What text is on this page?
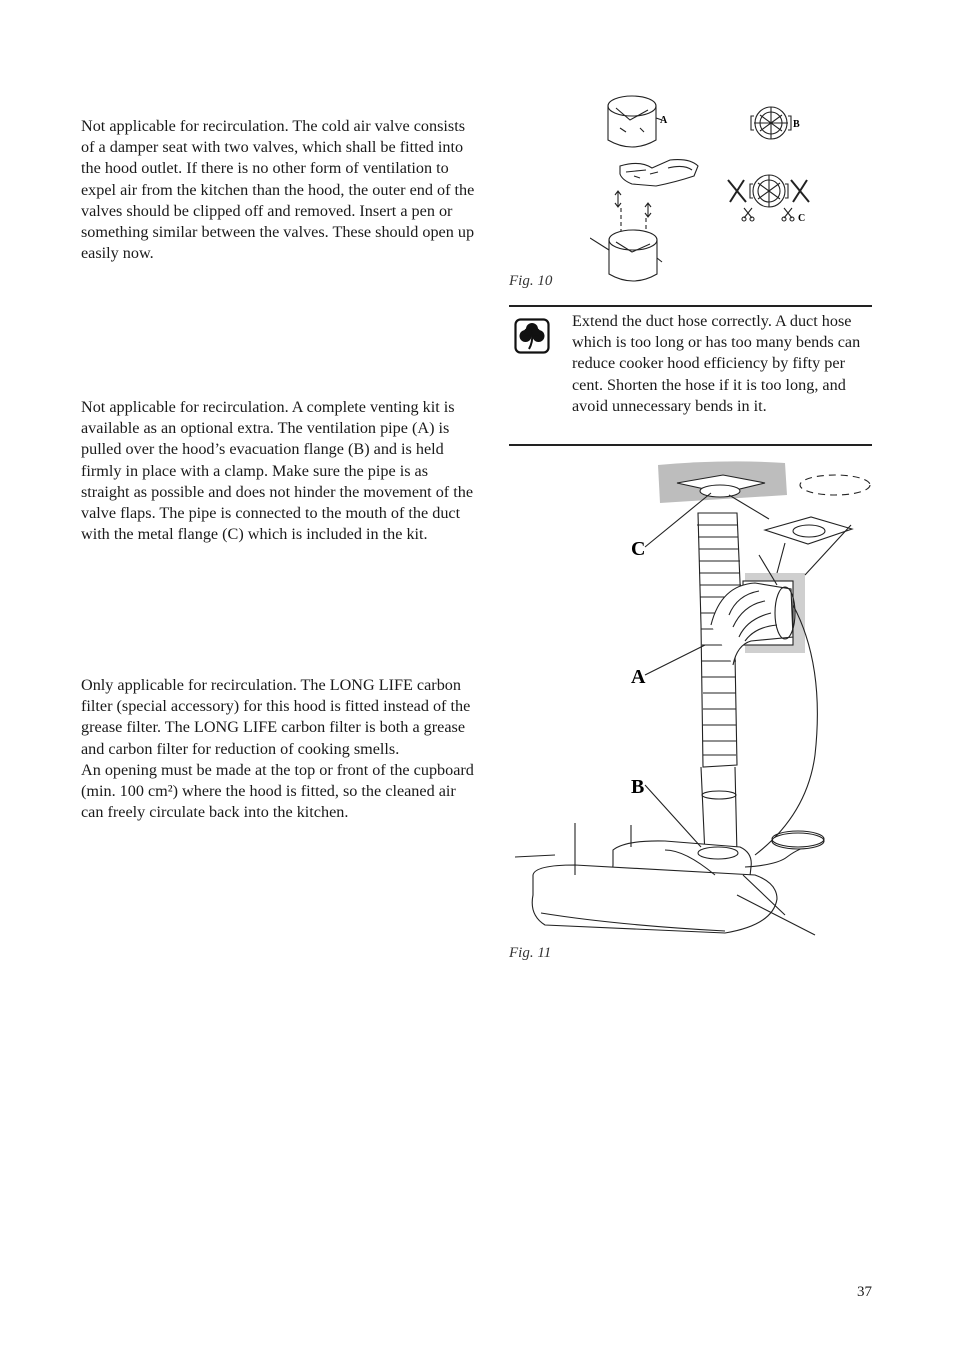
Not applicable for recirculation. The cold air valve consists of a damper seat with two valves, which shall be fitted into the hood outlet. If there is no other form of ventilation to expel air from the kitchen than the hood, the outer end of the valves should be clipped off and removed. Insert a pen or something similar between the valves. These should open up easily now.

Not applicable for recirculation. A complete venting kit is available as an optional extra. The ventilation pipe (A) is pulled over the hood’s evacuation flange (B) and is held firmly in place with a clamp. Make sure the pipe is as straight as possible and does not hinder the movement of the valve flaps. The pipe is connected to the mouth of the duct with the metal flange (C) which is included in the kit.

Only applicable for recirculation. The LONG LIFE carbon filter (special accessory) for this hood is fitted instead of the grease filter. The LONG LIFE carbon filter is both a grease and carbon filter for reduction of cooking smells.

An opening must be made at the top or front of the cupboard (min. 100 cm²) where the hood is fitted, so the cleaned air can freely circulate back into the kitchen.

A	B
C
Fig. 10
Extend the duct hose correctly. A duct hose which is too long or has too many bends can reduce cooker hood efficiency by fifty per cent. Shorten the hose if it is too long, and avoid unnecessary bends in it.
C
A
B
Fig. 11
37
